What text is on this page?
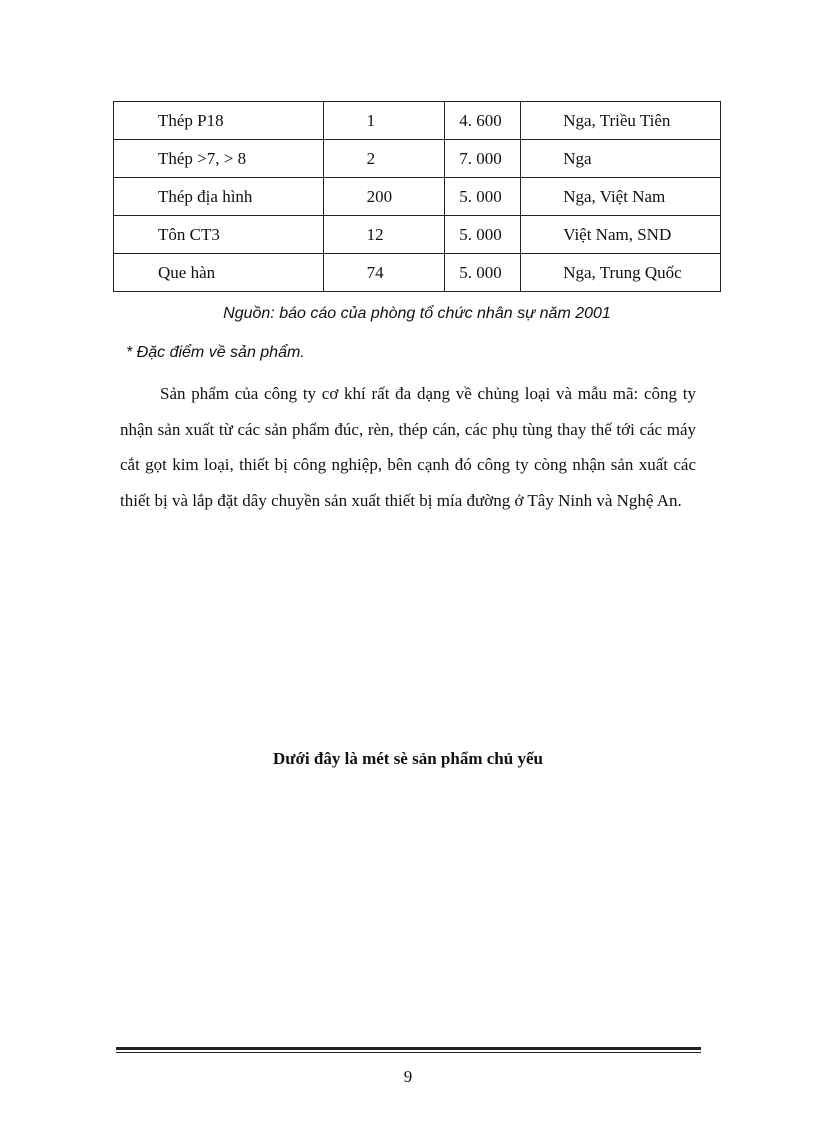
Thép P18	1	4. 600	Nga, Triều Tiên
Thép >7, > 8	2	7. 000	Nga
Thép địa hình	200	5. 000	Nga, Việt Nam
Tôn CT3	12	5. 000	Việt Nam, SND
Que hàn	74	5. 000	Nga, Trung Quốc

Nguồn: báo cáo của phòng tổ chức nhân sự năm 2001

* Đặc điểm về sản phẩm.

Sản phẩm của công ty cơ khí rất đa dạng về chủng loại và mẫu mã: công ty nhận sản xuất từ các sản phẩm đúc, rèn, thép cán, các phụ tùng thay thế tới các máy cắt gọt kim loại, thiết bị công nghiệp, bên cạnh đó công ty còng nhận sản xuất các thiết bị và lắp đặt dây chuyền sản xuất thiết bị mía đường ở Tây Ninh và Nghệ An.

Dưới đây là mét sè sản phẩm chủ yếu

9
